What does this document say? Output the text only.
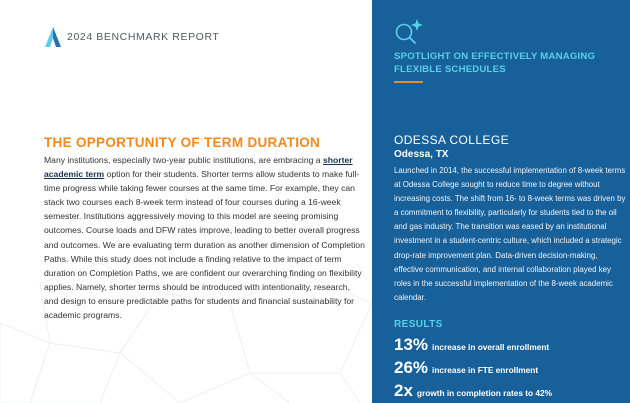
2024 BENCHMARK REPORT
THE OPPORTUNITY OF TERM DURATION
Many institutions, especially two-year public institutions, are embracing a shorter academic term option for their students. Shorter terms allow students to make full-time progress while taking fewer courses at the same time. For example, they can stack two courses each 8-week term instead of four courses during a 16-week semester. Institutions aggressively moving to this model are seeing promising outcomes. Course loads and DFW rates improve, leading to better overall progress and outcomes. We are evaluating term duration as another dimension of Completion Paths. While this study does not include a finding relative to the impact of term duration on Completion Paths, we are confident our overarching finding on flexibility applies. Namely, shorter terms should be introduced with intentionality, research, and design to ensure predictable paths for students and financial sustainability for academic programs.
SPOTLIGHT ON EFFECTIVELY MANAGING FLEXIBLE SCHEDULES
ODESSA COLLEGE
Odessa, TX
Launched in 2014, the successful implementation of 8-week terms at Odessa College sought to reduce time to degree without increasing costs. The shift from 16- to 8-week terms was driven by a commitment to flexibility, particularly for students tied to the oil and gas industry. The transition was eased by an institutional investment in a student-centric culture, which included a strategic drop-rate improvement plan. Data-driven decision-making, effective communication, and internal collaboration played key roles in the successful implementation of the 8-week academic calendar.
RESULTS
13% increase in overall enrollment
26% increase in FTE enrollment
2x growth in completion rates to 42%
